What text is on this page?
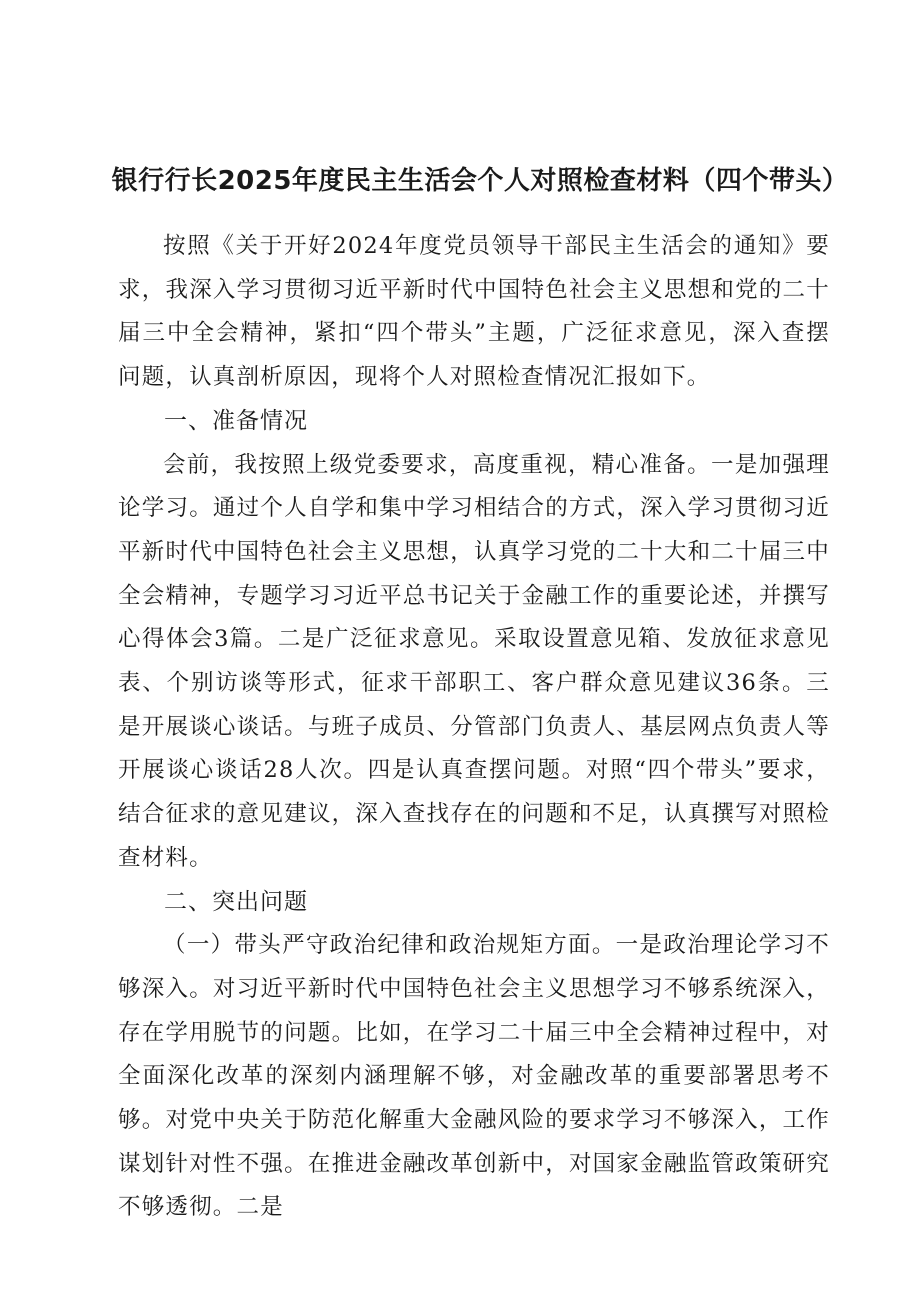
银行行长2025年度民主生活会个人对照检查材料（四个带头）

按照《关于开好2024年度党员领导干部民主生活会的通知》要求，我深入学习贯彻习近平新时代中国特色社会主义思想和党的二十届三中全会精神，紧扣“四个带头”主题，广泛征求意见，深入查摆问题，认真剖析原因，现将个人对照检查情况汇报如下。

一、准备情况

会前，我按照上级党委要求，高度重视，精心准备。一是加强理论学习。通过个人自学和集中学习相结合的方式，深入学习贯彻习近平新时代中国特色社会主义思想，认真学习党的二十大和二十届三中全会精神，专题学习习近平总书记关于金融工作的重要论述，并撰写心得体会3篇。二是广泛征求意见。采取设置意见箱、发放征求意见表、个别访谈等形式，征求干部职工、客户群众意见建议36条。三是开展谈心谈话。与班子成员、分管部门负责人、基层网点负责人等开展谈心谈话28人次。四是认真查摆问题。对照“四个带头”要求，结合征求的意见建议，深入查找存在的问题和不足，认真撰写对照检查材料。

二、突出问题

（一）带头严守政治纪律和政治规矩方面。一是政治理论学习不够深入。对习近平新时代中国特色社会主义思想学习不够系统深入，存在学用脱节的问题。比如，在学习二十届三中全会精神过程中，对全面深化改革的深刻内涵理解不够，对金融改革的重要部署思考不够。对党中央关于防范化解重大金融风险的要求学习不够深入，工作谋划针对性不强。在推进金融改革创新中，对国家金融监管政策研究不够透彻。二是
